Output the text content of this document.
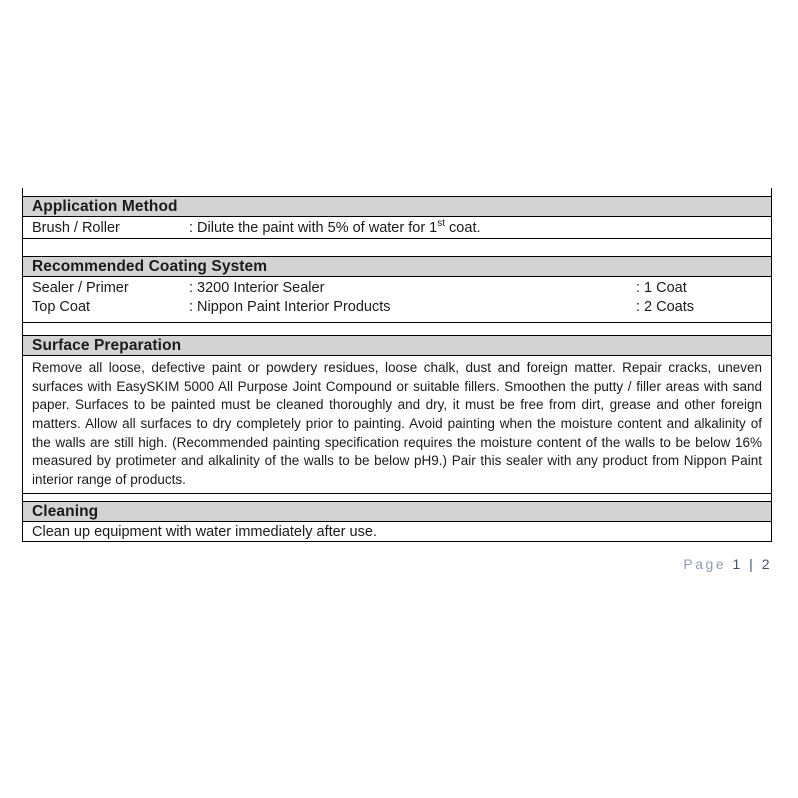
Application Method
Brush / Roller	: Dilute the paint with 5% of water for 1st coat.
Recommended Coating System
Sealer / Primer	: 3200 Interior Sealer	: 1 Coat
Top Coat	: Nippon Paint Interior Products	: 2 Coats
Surface Preparation
Remove all loose, defective paint or powdery residues, loose chalk, dust and foreign matter. Repair cracks, uneven surfaces with EasySKIM 5000 All Purpose Joint Compound or suitable fillers. Smoothen the putty / filler areas with sand paper. Surfaces to be painted must be cleaned thoroughly and dry, it must be free from dirt, grease and other foreign matters. Allow all surfaces to dry completely prior to painting. Avoid painting when the moisture content and alkalinity of the walls are still high. (Recommended painting specification requires the moisture content of the walls to be below 16% measured by protimeter and alkalinity of the walls to be below pH9.) Pair this sealer with any product from Nippon Paint interior range of products.
Cleaning
Clean up equipment with water immediately after use.
Page 1 | 2
